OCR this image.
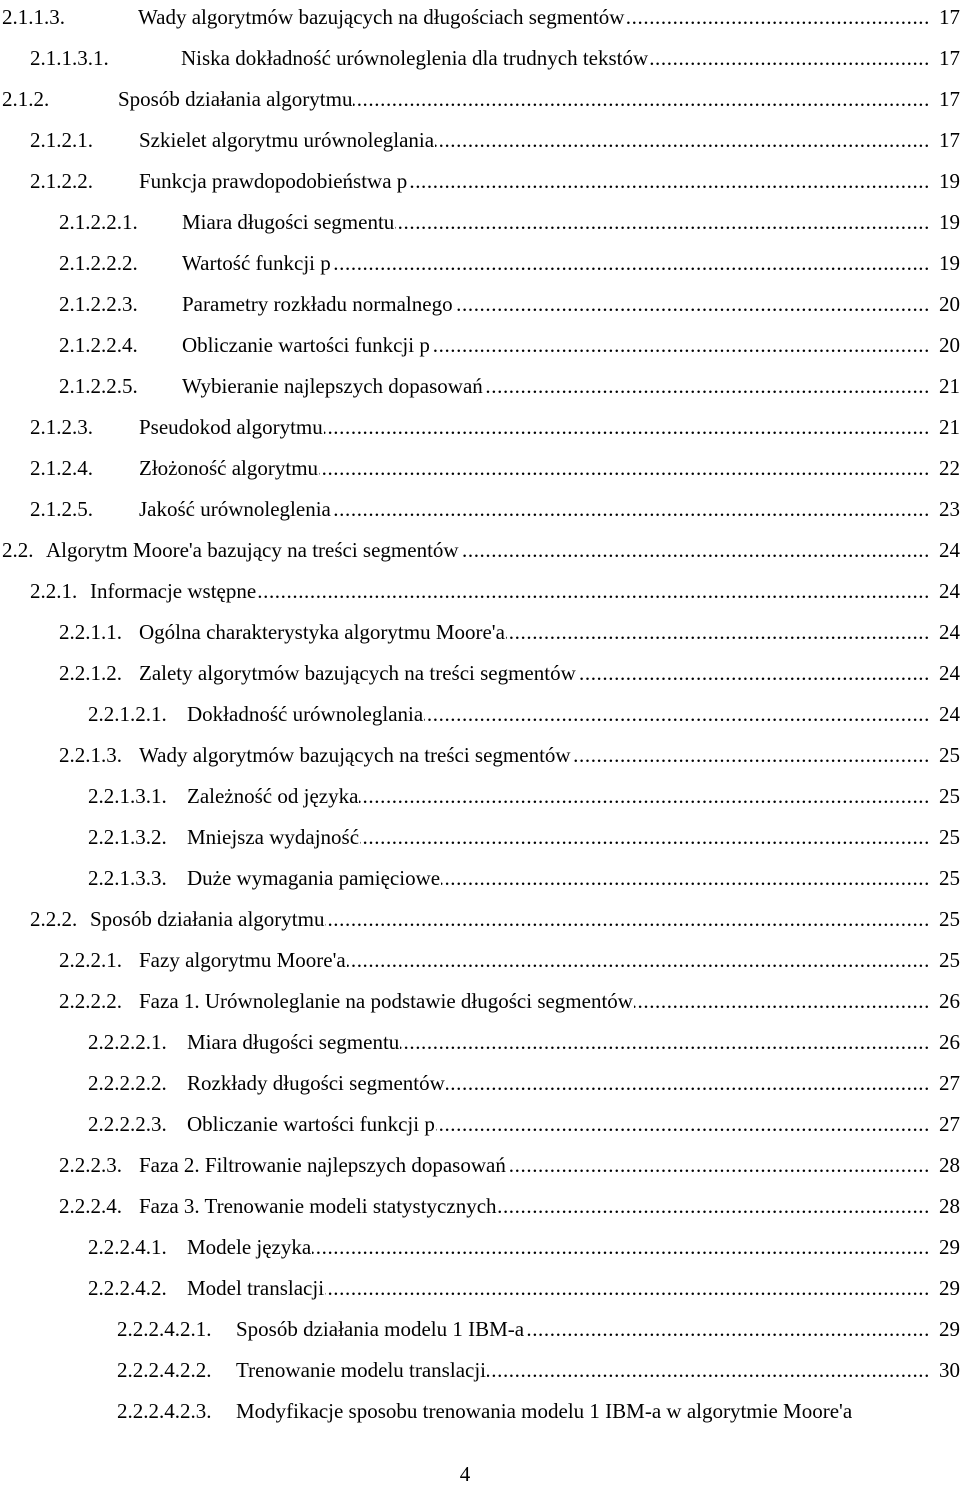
2.1.1.3.	Wady algorytmów bazujących na długościach segmentów .....	17
2.1.1.3.1.	Niska dokładność urównoleglenia dla trudnych tekstów .....	17
2.1.2.	Sposób działania algorytmu .....	17
2.1.2.1. Szkielet algorytmu urównoleglania .....	17
2.1.2.2. Funkcja prawdopodobieństwa p .....	19
2.1.2.2.1. Miara długości segmentu .....	19
2.1.2.2.2. Wartość funkcji p .....	19
2.1.2.2.3. Parametry rozkładu normalnego .....	20
2.1.2.2.4. Obliczanie wartości funkcji p .....	20
2.1.2.2.5. Wybieranie najlepszych dopasowań .....	21
2.1.2.3. Pseudokod algorytmu .....	21
2.1.2.4. Złożoność algorytmu .....	22
2.1.2.5. Jakość urównoleglenia .....	23
2.2. Algorytm Moore'a bazujący na treści segmentów .....	24
2.2.1. Informacje wstępne .....	24
2.2.1.1. Ogólna charakterystyka algorytmu Moore'a .....	24
2.2.1.2. Zalety algorytmów bazujących na treści segmentów .....	24
2.2.1.2.1. Dokładność urównoleglania .....	24
2.2.1.3. Wady algorytmów bazujących na treści segmentów .....	25
2.2.1.3.1. Zależność od języka .....	25
2.2.1.3.2. Mniejsza wydajność .....	25
2.2.1.3.3. Duże wymagania pamięciowe .....	25
2.2.2. Sposób działania algorytmu .....	25
2.2.2.1. Fazy algorytmu Moore'a .....	25
2.2.2.2. Faza 1. Urównoleglanie na podstawie długości segmentów .....	26
2.2.2.2.1. Miara długości segmentu .....	26
2.2.2.2.2. Rozkłady długości segmentów .....	27
2.2.2.2.3. Obliczanie wartości funkcji p .....	27
2.2.2.3. Faza 2. Filtrowanie najlepszych dopasowań .....	28
2.2.2.4. Faza 3. Trenowanie modeli statystycznych .....	28
2.2.2.4.1. Modele języka .....	29
2.2.2.4.2. Model translacji .....	29
2.2.2.4.2.1. Sposób działania modelu 1 IBM-a .....	29
2.2.2.4.2.2. Trenowanie modelu translacji .....	30
2.2.2.4.2.3. Modyfikacje sposobu trenowania modelu 1 IBM-a w algorytmie Moore'a
4
